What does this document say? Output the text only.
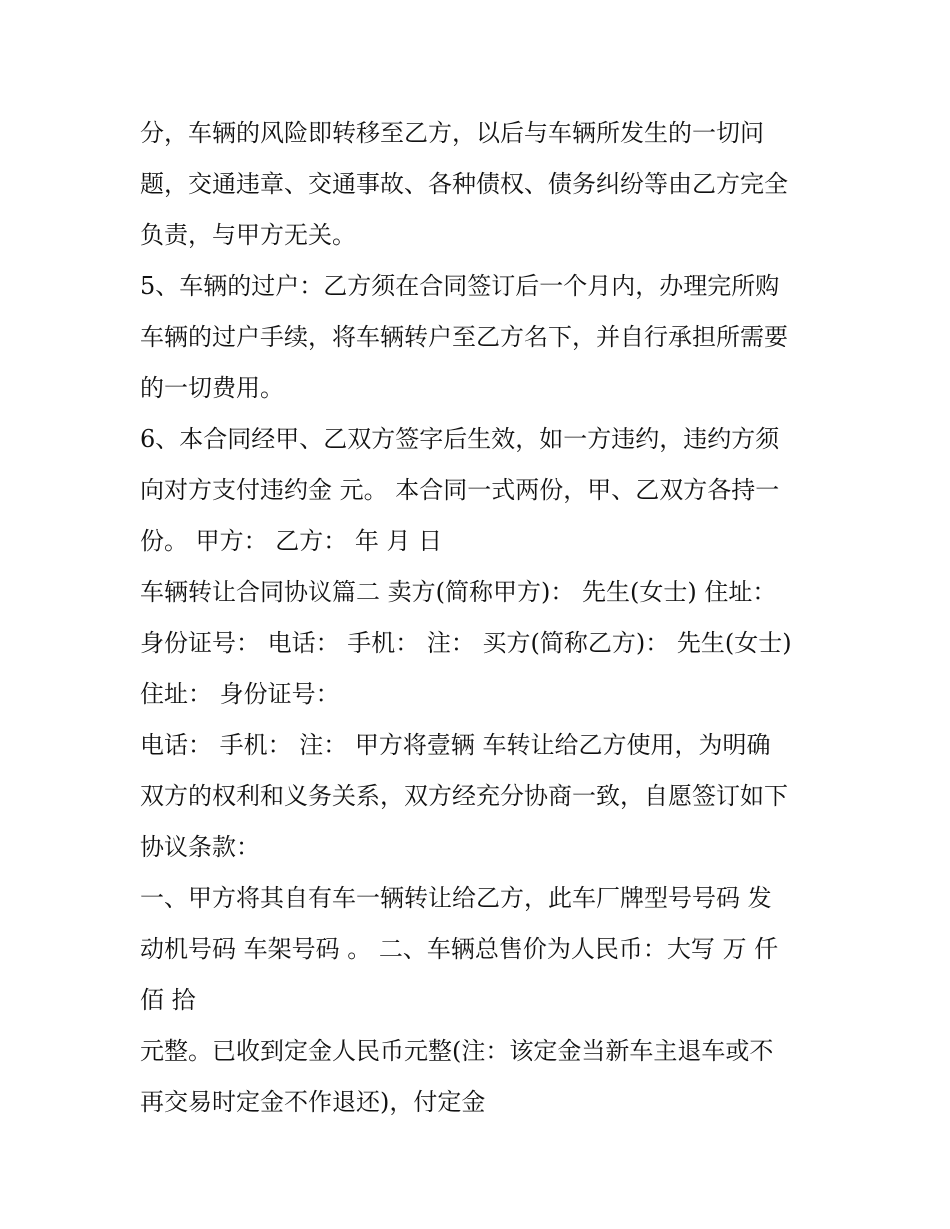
分，车辆的风险即转移至乙方，以后与车辆所发生的一切问
题，交通违章、交通事故、各种债权、债务纠纷等由乙方完全
负责，与甲方无关。
5、车辆的过户：乙方须在合同签订后一个月内，办理完所购
车辆的过户手续，将车辆转户至乙方名下，并自行承担所需要
的一切费用。
6、本合同经甲、乙双方签字后生效，如一方违约，违约方须
向对方支付违约金 元。 本合同一式两份，甲、乙双方各持一
份。 甲方： 乙方： 年 月 日
车辆转让合同协议篇二 卖方(简称甲方)： 先生(女士) 住址：
身份证号： 电话： 手机： 注： 买方(简称乙方)： 先生(女士)
住址： 身份证号：
电话： 手机： 注： 甲方将壹辆 车转让给乙方使用，为明确
双方的权利和义务关系，双方经充分协商一致，自愿签订如下
协议条款：
一、甲方将其自有车一辆转让给乙方，此车厂牌型号号码 发
动机号码 车架号码 。 二、车辆总售价为人民币：大写 万 仟
佰 拾
元整。已收到定金人民币元整(注：该定金当新车主退车或不
再交易时定金不作退还)，付定金
